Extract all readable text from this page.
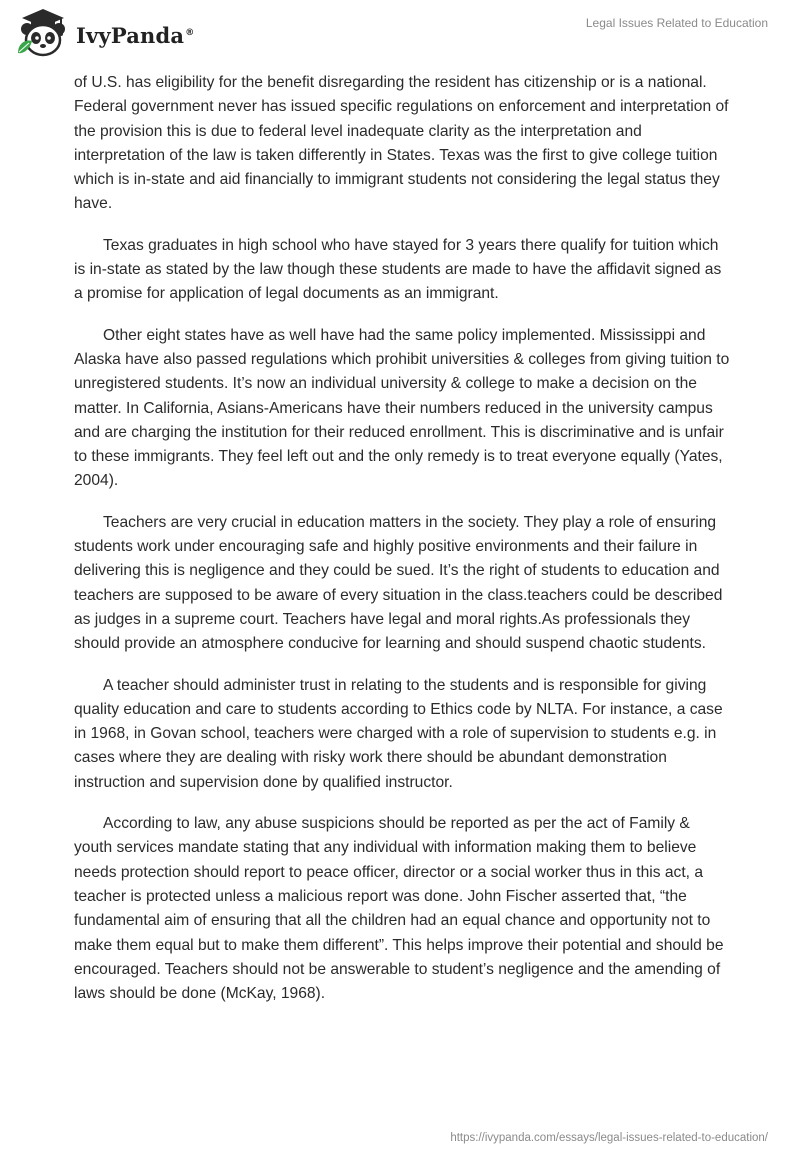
IvyPanda®
Legal Issues Related to Education

of U.S. has eligibility for the benefit disregarding the resident has citizenship or is a national. Federal government never has issued specific regulations on enforcement and interpretation of the provision this is due to federal level inadequate clarity as the interpretation and interpretation of the law is taken differently in States. Texas was the first to give college tuition which is in-state and aid financially to immigrant students not considering the legal status they have.

Texas graduates in high school who have stayed for 3 years there qualify for tuition which is in-state as stated by the law though these students are made to have the affidavit signed as a promise for application of legal documents as an immigrant.

Other eight states have as well have had the same policy implemented. Mississippi and Alaska have also passed regulations which prohibit universities & colleges from giving tuition to unregistered students. It’s now an individual university & college to make a decision on the matter. In California, Asians-Americans have their numbers reduced in the university campus and are charging the institution for their reduced enrollment. This is discriminative and is unfair to these immigrants. They feel left out and the only remedy is to treat everyone equally (Yates, 2004).

Teachers are very crucial in education matters in the society. They play a role of ensuring students work under encouraging safe and highly positive environments and their failure in delivering this is negligence and they could be sued. It’s the right of students to education and teachers are supposed to be aware of every situation in the class.teachers could be described as judges in a supreme court. Teachers have legal and moral rights.As professionals they should provide an atmosphere conducive for learning and should suspend chaotic students.

A teacher should administer trust in relating to the students and is responsible for giving quality education and care to students according to Ethics code by NLTA. For instance, a case in 1968, in Govan school, teachers were charged with a role of supervision to students e.g. in cases where they are dealing with risky work there should be abundant demonstration instruction and supervision done by qualified instructor.

According to law, any abuse suspicions should be reported as per the act of Family & youth services mandate stating that any individual with information making them to believe needs protection should report to peace officer, director or a social worker thus in this act, a teacher is protected unless a malicious report was done. John Fischer asserted that, “the fundamental aim of ensuring that all the children had an equal chance and opportunity not to make them equal but to make them different”. This helps improve their potential and should be encouraged. Teachers should not be answerable to student’s negligence and the amending of laws should be done (McKay, 1968).

https://ivypanda.com/essays/legal-issues-related-to-education/
